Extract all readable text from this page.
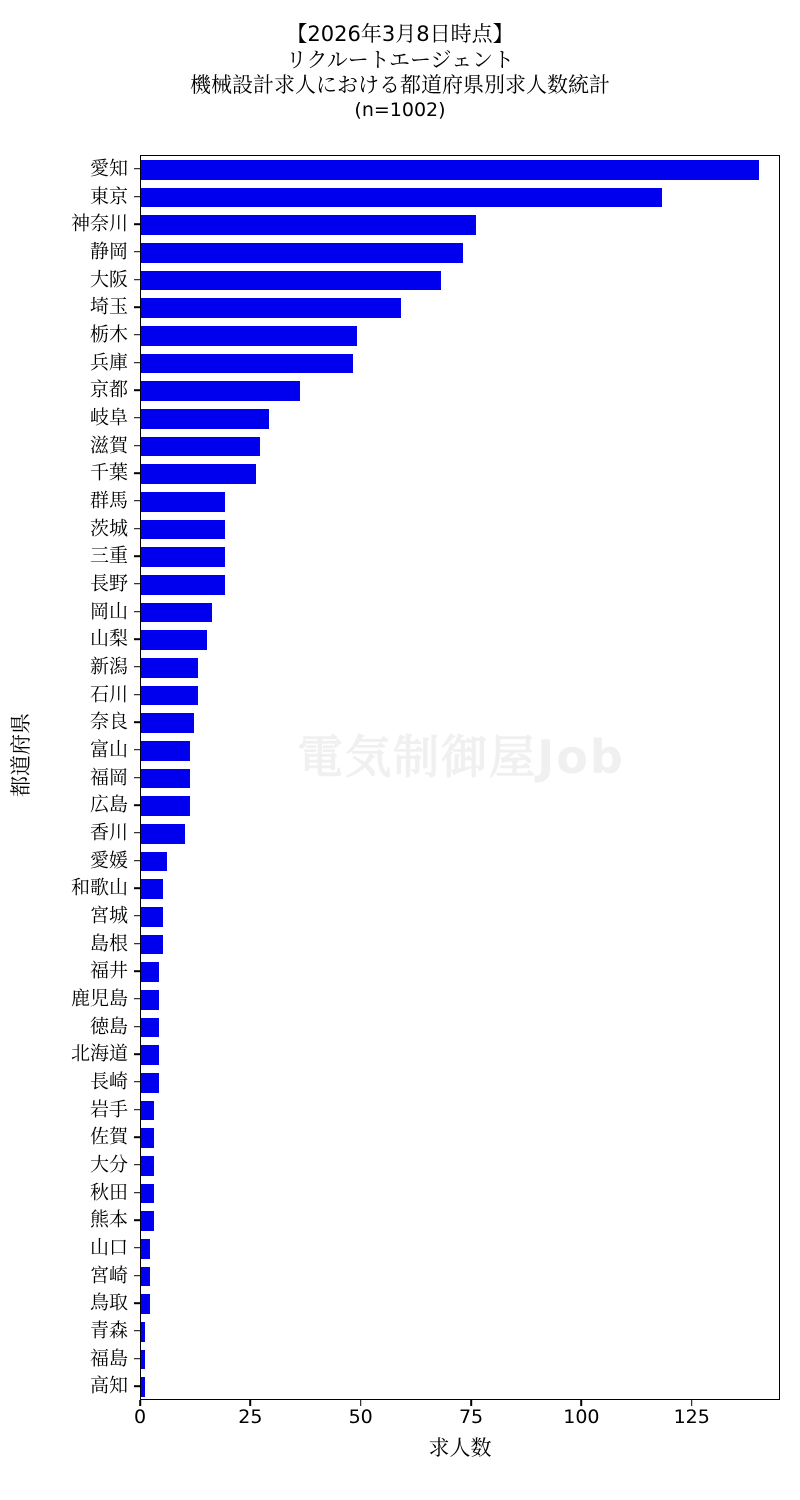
【2026年3月8日時点】
リクルートエージェント
機械設計求人における都道府県別求人数統計
(n=1002)
愛知
東京
神奈川
静岡
大阪
埼玉
栃木
兵庫
京都
岐阜
滋賀
千葉
群馬
茨城
三重
長野
岡山
山梨
新潟
石川
奈良
富山
福岡
広島
香川
愛媛
和歌山
宮城
島根
福井
鹿児島
徳島
北海道
長崎
岩手
佐賀
大分
秋田
熊本
山口
宮崎
鳥取
青森
福島
高知
電気制御屋Job
0	25	50	75	100	125
求人数
都道府県
